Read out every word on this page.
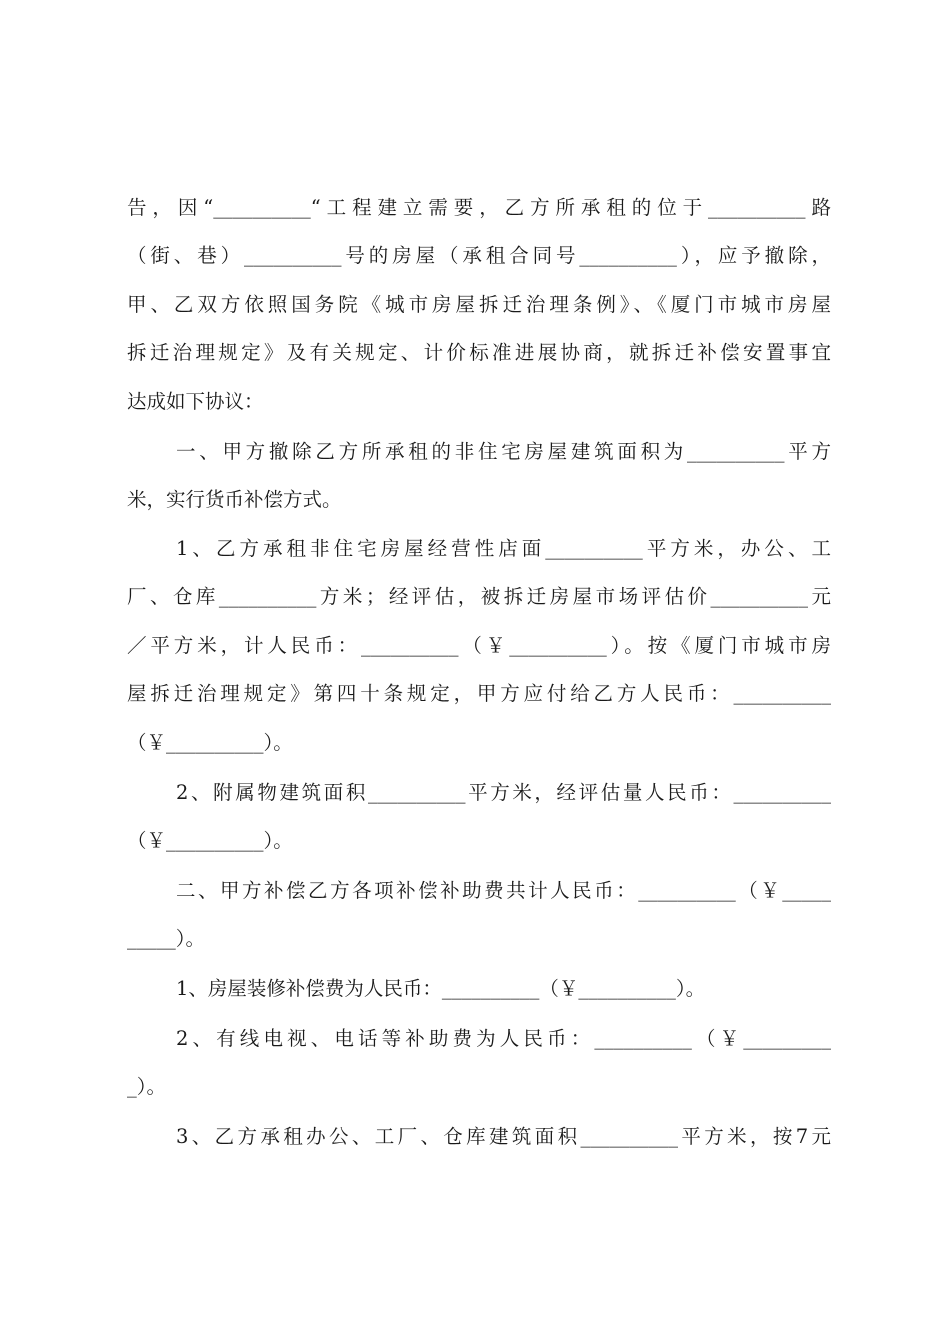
告，因“__________“工程建立需要，乙方所承租的位于__________路

（街、巷）__________号的房屋（承租合同号__________），应予撤除，

甲、乙双方依照国务院《城市房屋拆迁治理条例》、《厦门市城市房屋

拆迁治理规定》及有关规定、计价标准进展协商，就拆迁补偿安置事宜

达成如下协议：

一、甲方撤除乙方所承租的非住宅房屋建筑面积为__________平方

米，实行货币补偿方式。

1、乙方承租非住宅房屋经营性店面__________平方米，办公、工

厂、仓库__________方米；经评估，被拆迁房屋市场评估价__________元

／平方米，计人民币：__________（￥__________）。按《厦门市城市房

屋拆迁治理规定》第四十条规定，甲方应付给乙方人民币：__________

（￥__________）。

2、附属物建筑面积__________平方米，经评估量人民币：__________

（￥__________）。

二、甲方补偿乙方各项补偿补助费共计人民币：__________（￥_____

_____）。

1、房屋装修补偿费为人民币：__________（￥__________）。

2、有线电视、电话等补助费为人民币：__________（￥_________

_）。

3、乙方承租办公、工厂、仓库建筑面积__________平方米，按7元
